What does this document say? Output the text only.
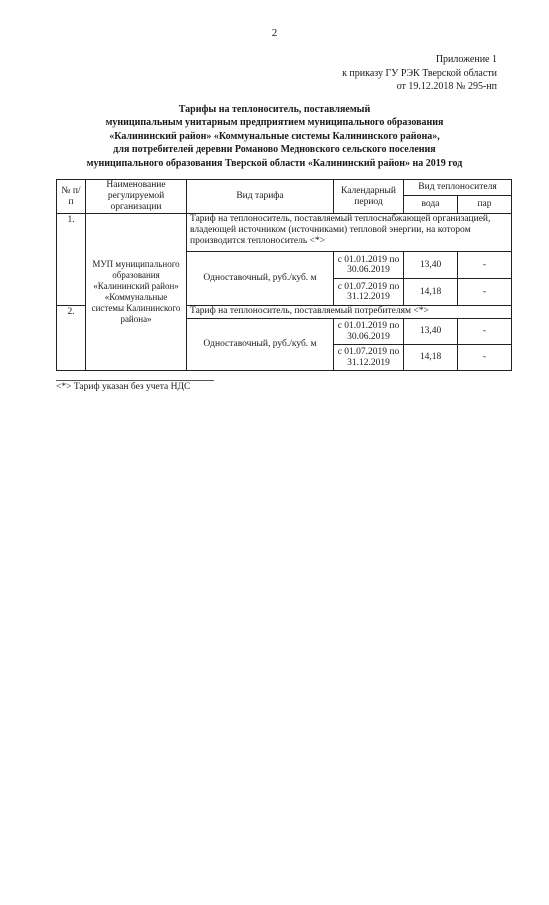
2
Приложение 1
к приказу ГУ РЭК Тверской области
от 19.12.2018 № 295-нп
Тарифы на теплоноситель, поставляемый
муниципальным унитарным предприятием муниципального образования
«Калининский район» «Коммунальные системы Калининского района»,
для потребителей деревни Романово Медновского сельского поселения
муниципального образования Тверской области «Калининский район» на 2019 год
№ п/п	Наименование регулируемой организации	Вид тарифа	Календарный период	Вид теплоносителя	
				вода	пар
1.	МУП муниципального образования «Калининский район» «Коммунальные системы Калининского района»	Тариф на теплоноситель, поставляемый теплоснабжающей организацией, владеющей источником (источниками) тепловой энергии, на котором производится теплоноситель <*>			
		Одноставочный, руб./куб. м	с 01.01.2019 по 30.06.2019	13,40	-
			с 01.07.2019 по 31.12.2019	14,18	-
2.		Тариф на теплоноситель, поставляемый потребителям <*>			
		Одноставочный, руб./куб. м	с 01.01.2019 по 30.06.2019	13,40	-
			с 01.07.2019 по 31.12.2019	14,18	-
<*> Тариф указан без учета НДС
